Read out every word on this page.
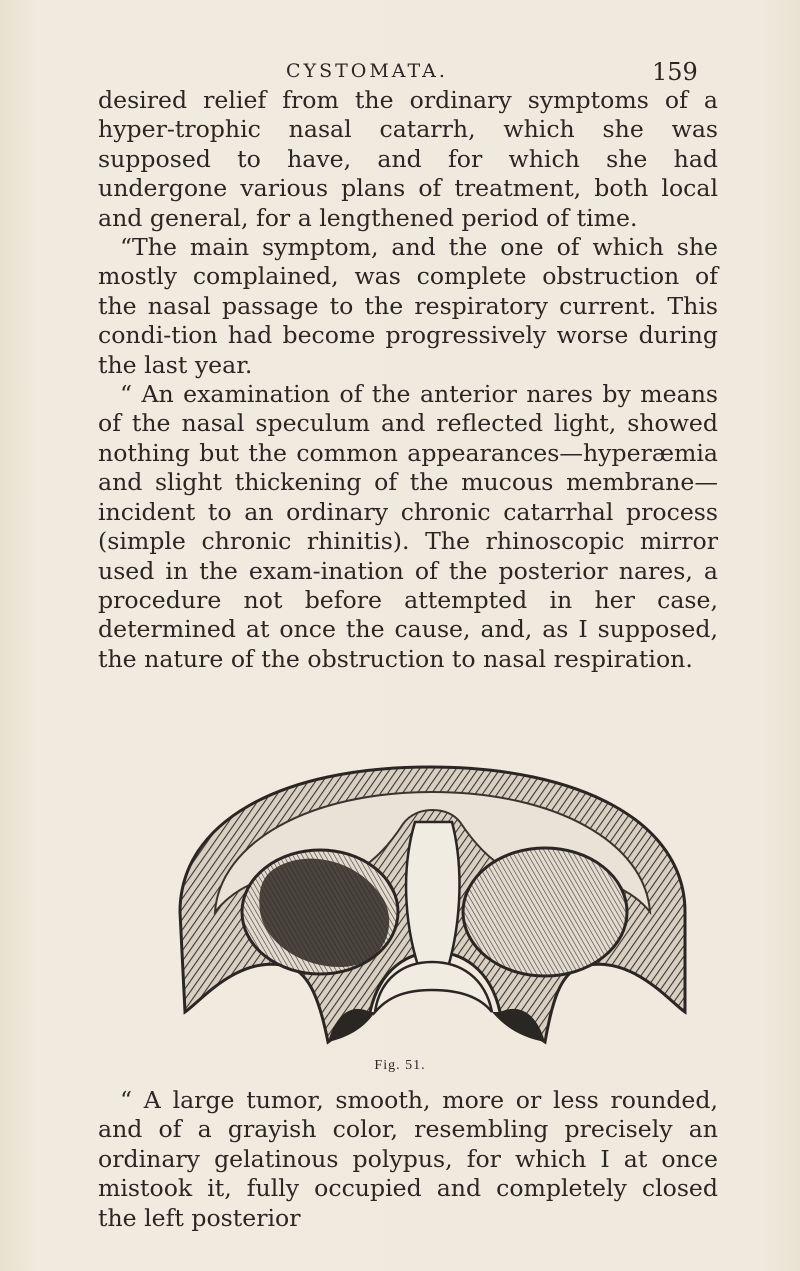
CYSTOMATA.	159

desired relief from the ordinary symptoms of a hyper-trophic nasal catarrh, which she was supposed to have, and for which she had undergone various plans of treatment, both local and general, for a lengthened period of time.

“The main symptom, and the one of which she mostly complained, was complete obstruction of the nasal passage to the respiratory current. This condi-tion had become progressively worse during the last year.

“ An examination of the anterior nares by means of the nasal speculum and reflected light, showed nothing but the common appearances—hyperæmia and slight thickening of the mucous membrane—incident to an ordinary chronic catarrhal process (simple chronic rhinitis). The rhinoscopic mirror used in the exam-ination of the posterior nares, a procedure not before attempted in her case, determined at once the cause, and, as I supposed, the nature of the obstruction to nasal respiration.

Fig. 51.

“ A large tumor, smooth, more or less rounded, and of a grayish color, resembling precisely an ordinary gelatinous polypus, for which I at once mistook it, fully occupied and completely closed the left posterior
